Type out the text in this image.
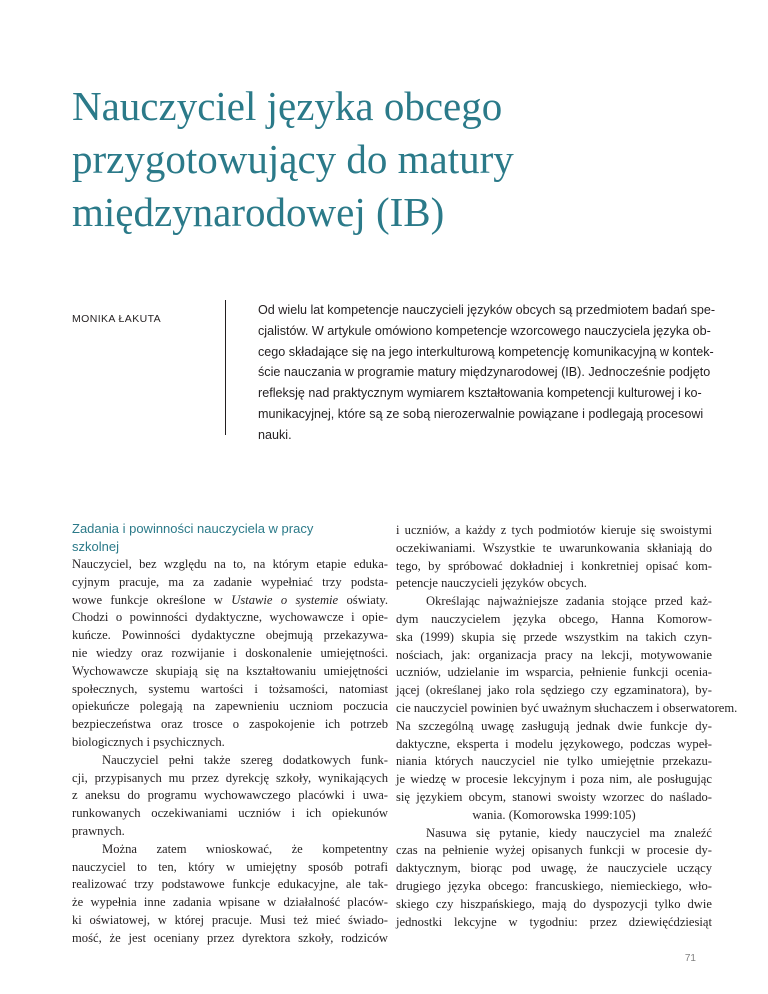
Nauczyciel języka obcego
przygotowujący do matury
międzynarodowej (IB)
MONIKA ŁAKUTA
Od wielu lat kompetencje nauczycieli języków obcych są przedmiotem badań spe-
cjalistów. W artykule omówiono kompetencje wzorcowego nauczyciela języka ob-
cego składające się na jego interkulturową kompetencję komunikacyjną w kontek-
ście nauczania w programie matury międzynarodowej (IB). Jednocześnie podjęto
refleksję nad praktycznym wymiarem kształtowania kompetencji kulturowej i ko-
munikacyjnej, które są ze sobą nierozerwalnie powiązane i podlegają procesowi
nauki.
Zadania i powinności nauczyciela w pracy
szkolnej
Nauczyciel, bez względu na to, na którym etapie eduka-
cyjnym pracuje, ma za zadanie wypełniać trzy podsta-
wowe funkcje określone w Ustawie o systemie oświaty.
Chodzi o powinności dydaktyczne, wychowawcze i opie-
kuńcze. Powinności dydaktyczne obejmują przekazywa-
nie wiedzy oraz rozwijanie i doskonalenie umiejętności.
Wychowawcze skupiają się na kształtowaniu umiejętności
społecznych, systemu wartości i tożsamości, natomiast
opiekuńcze polegają na zapewnieniu uczniom poczucia
bezpieczeństwa oraz trosce o zaspokojenie ich potrzeb
biologicznych i psychicznych.
Nauczyciel pełni także szereg dodatkowych funk-
cji, przypisanych mu przez dyrekcję szkoły, wynikających
z aneksu do programu wychowawczego placówki i uwa-
runkowanych oczekiwaniami uczniów i ich opiekunów
prawnych.
Można zatem wnioskować, że kompetentny
nauczyciel to ten, który w umiejętny sposób potrafi
realizować trzy podstawowe funkcje edukacyjne, ale tak-
że wypełnia inne zadania wpisane w działalność placów-
ki oświatowej, w której pracuje. Musi też mieć świado-
mość, że jest oceniany przez dyrektora szkoły, rodziców
i uczniów, a każdy z tych podmiotów kieruje się swoistymi
oczekiwaniami. Wszystkie te uwarunkowania skłaniają do
tego, by spróbować dokładniej i konkretniej opisać kom-
petencje nauczycieli języków obcych.
Określając najważniejsze zadania stojące przed każ-
dym nauczycielem języka obcego, Hanna Komorow-
ska (1999) skupia się przede wszystkim na takich czyn-
nościach, jak: organizacja pracy na lekcji, motywowanie
uczniów, udzielanie im wsparcia, pełnienie funkcji oceniа-
jącej (określanej jako rola sędziego czy egzaminatora), by-
cie nauczyciel powinien być uważnym słuchaczem i obserwatorem.
Na szczególną uwagę zasługują jednak dwie funkcje dy-
daktyczne, eksperta i modelu językowego, podczas wypeł-
niania których nauczyciel nie tylko umiejętnie przekazu-
je wiedzę w procesie lekcyjnym i poza nim, ale posługując
się językiem obcym, stanowi swoisty wzorzec do naślado-
wania. (Komorowska 1999:105)
Nasuwa się pytanie, kiedy nauczyciel ma znaleźć
czas na pełnienie wyżej opisanych funkcji w procesie dy-
daktycznym, biorąc pod uwagę, że nauczyciele uczący
drugiego języka obcego: francuskiego, niemieckiego, wło-
skiego czy hiszpańskiego, mają do dyspozycji tylko dwie
jednostki lekcyjne w tygodniu: przez dziewięćdziesiąt
71
